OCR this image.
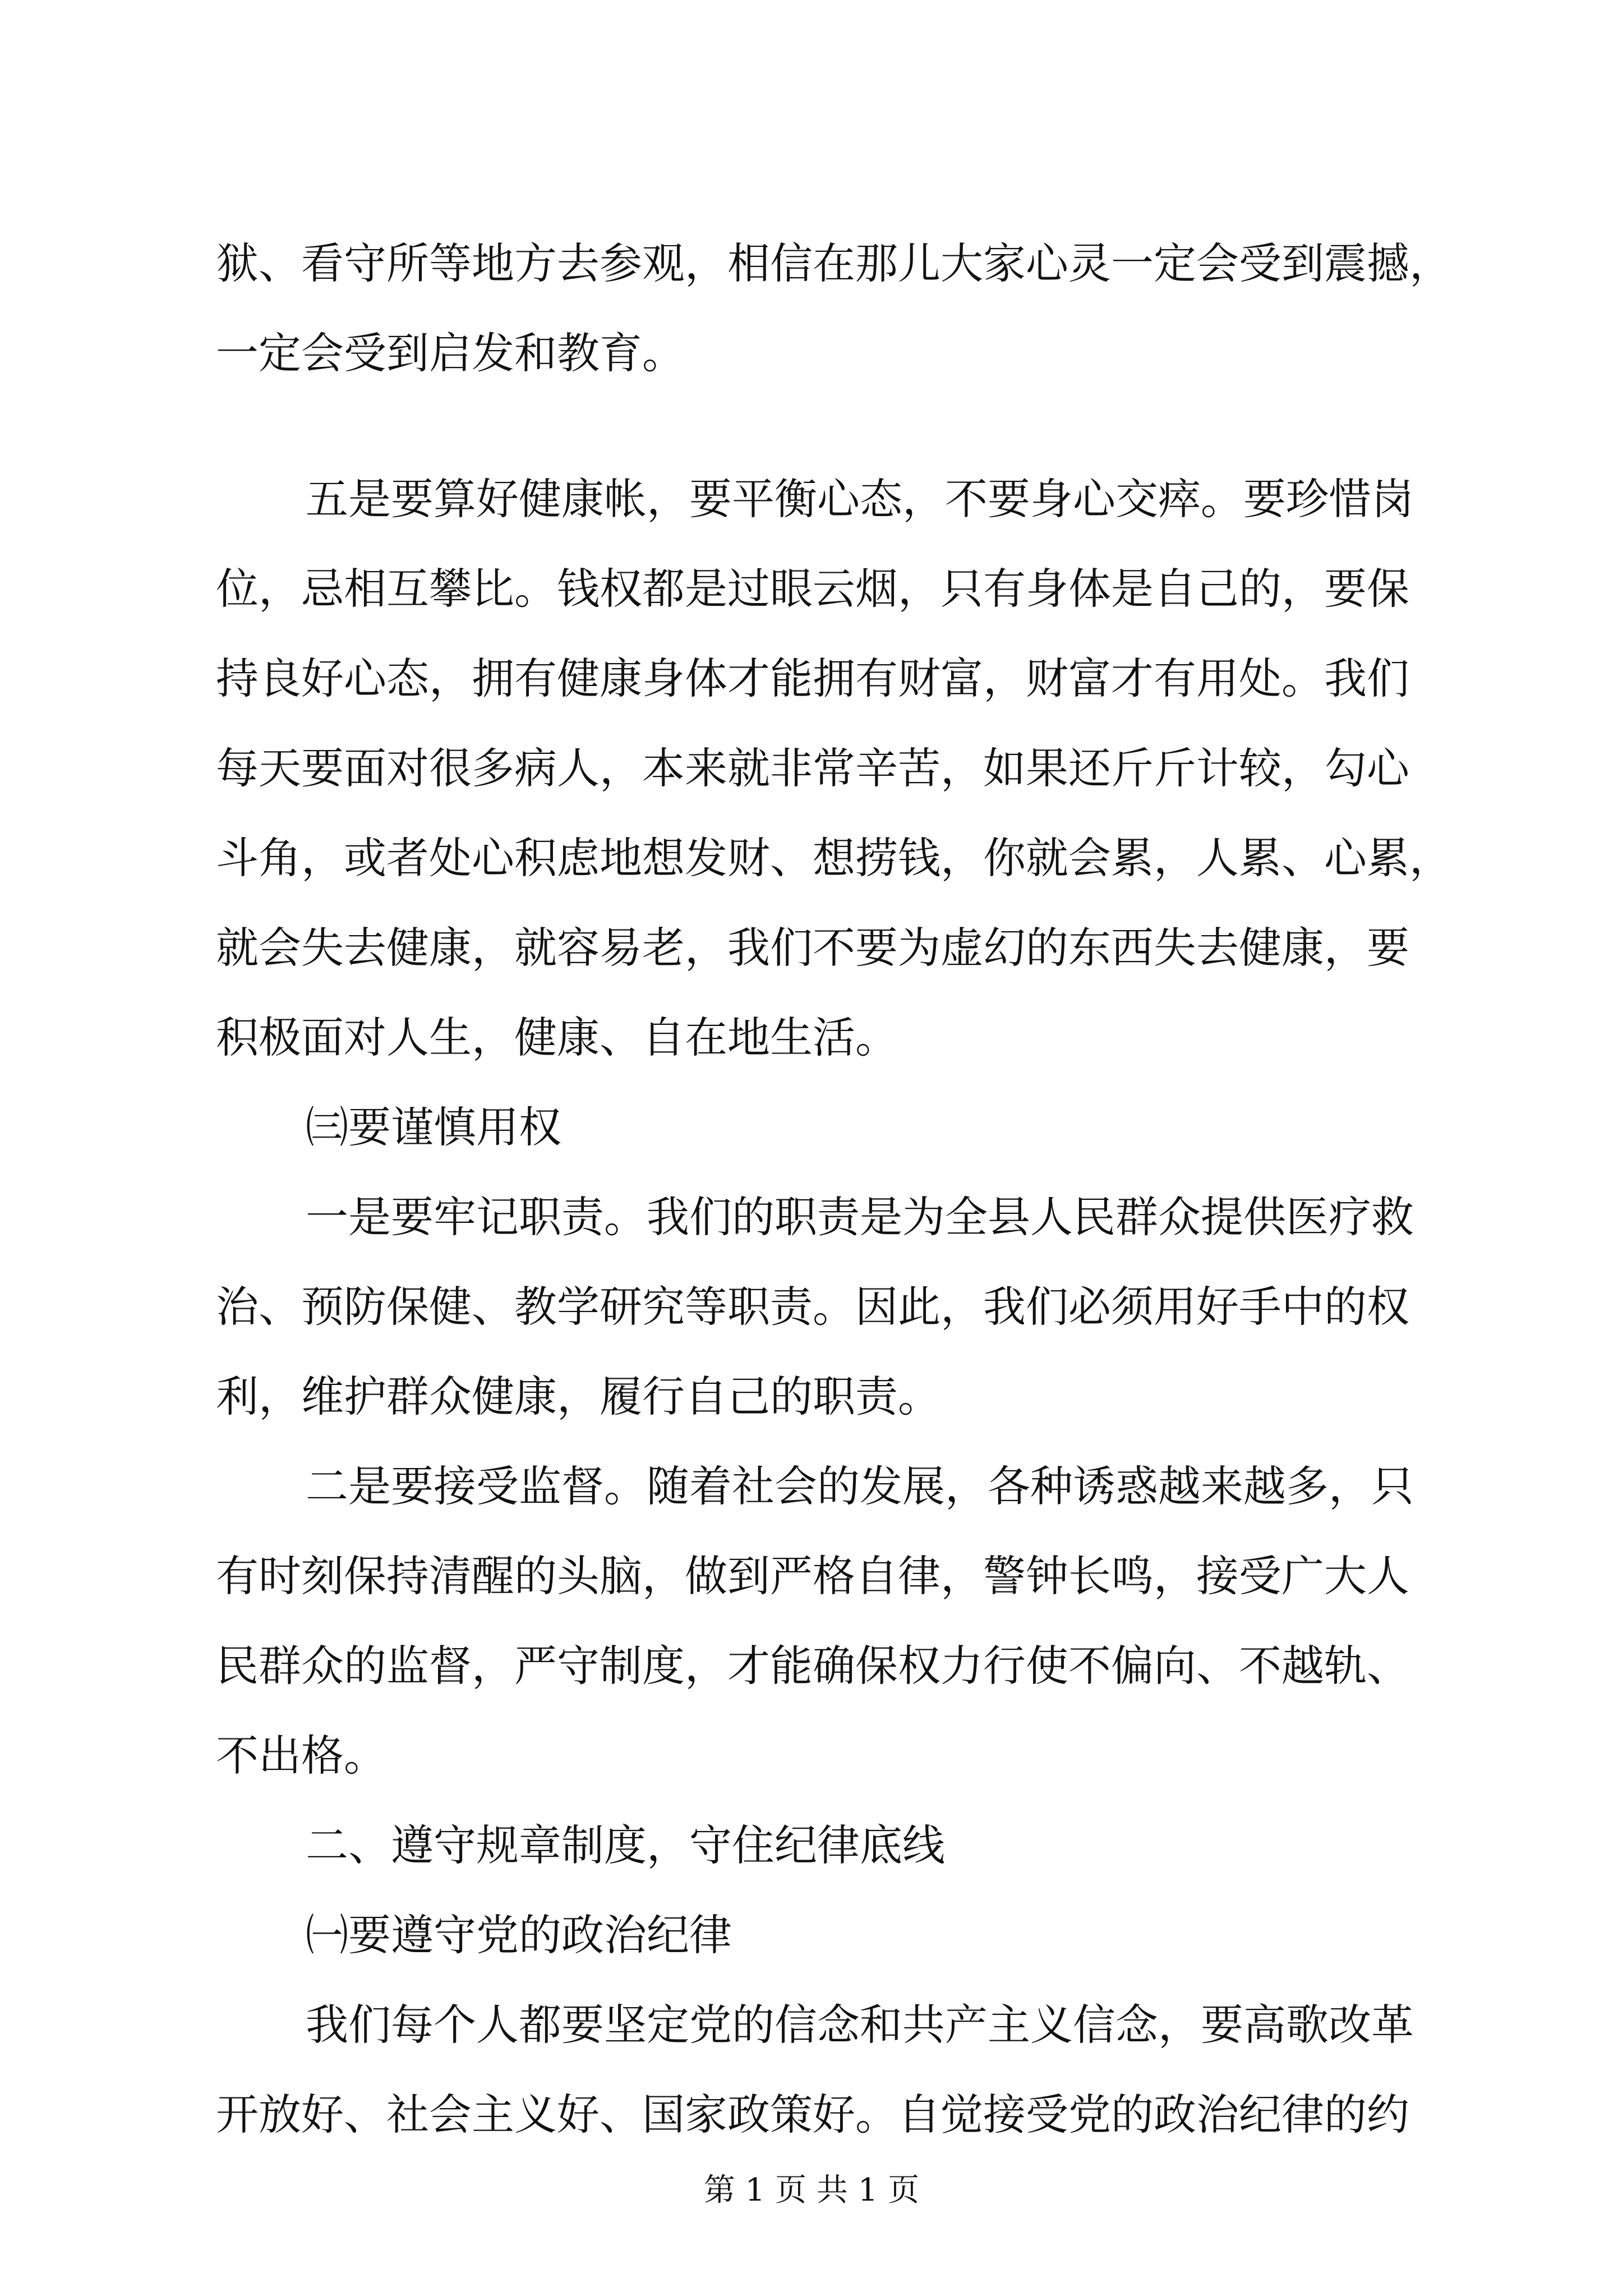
狱、看守所等地方去参观，相信在那儿大家心灵一定会受到震撼，

一定会受到启发和教育。

五是要算好健康帐，要平衡心态，不要身心交瘁。要珍惜岗

位，忌相互攀比。钱权都是过眼云烟，只有身体是自己的，要保

持良好心态，拥有健康身体才能拥有财富，财富才有用处。我们

每天要面对很多病人，本来就非常辛苦，如果还斤斤计较，勾心

斗角，或者处心积虑地想发财、想捞钱，你就会累，人累、心累，

就会失去健康，就容易老，我们不要为虚幻的东西失去健康，要

积极面对人生，健康、自在地生活。

㈢要谨慎用权

一是要牢记职责。我们的职责是为全县人民群众提供医疗救

治、预防保健、教学研究等职责。因此，我们必须用好手中的权

利，维护群众健康，履行自己的职责。

二是要接受监督。随着社会的发展，各种诱惑越来越多，只

有时刻保持清醒的头脑，做到严格自律，警钟长鸣，接受广大人

民群众的监督，严守制度，才能确保权力行使不偏向、不越轨、

不出格。

二、遵守规章制度，守住纪律底线

㈠要遵守党的政治纪律

我们每个人都要坚定党的信念和共产主义信念，要高歌改革

开放好、社会主义好、国家政策好。自觉接受党的政治纪律的约

第 1 页 共 1 页
